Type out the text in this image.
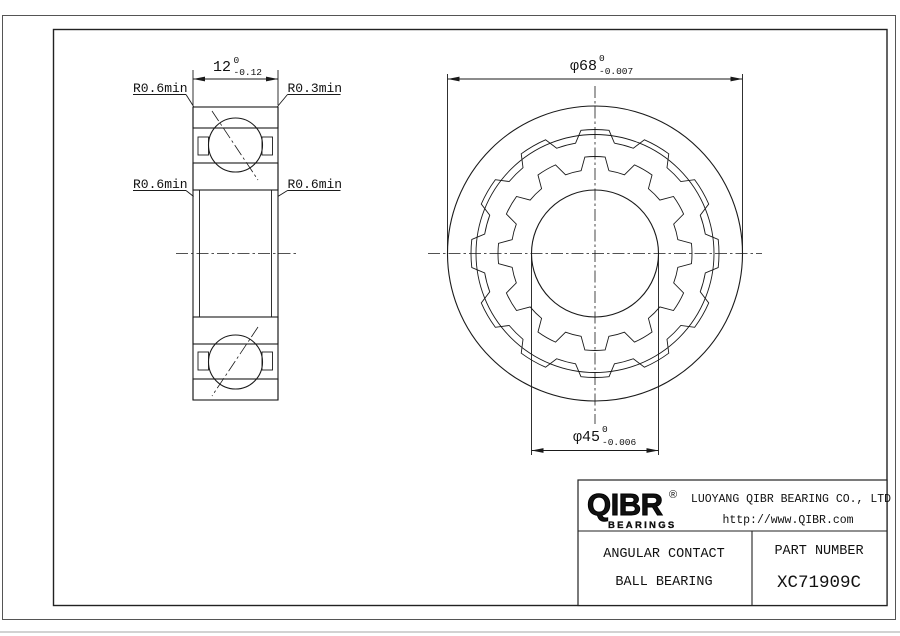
12 0
-0.12
R0.6min	R0.3min
R0.6min	R0.6min
φ68 0
-0.007
φ45 0
-0.006
QIBR ®
BEARINGS
LUOYANG QIBR BEARING CO., LTD
http://www.QIBR.com
ANGULAR CONTACT
BALL BEARING
PART NUMBER
XC71909C
